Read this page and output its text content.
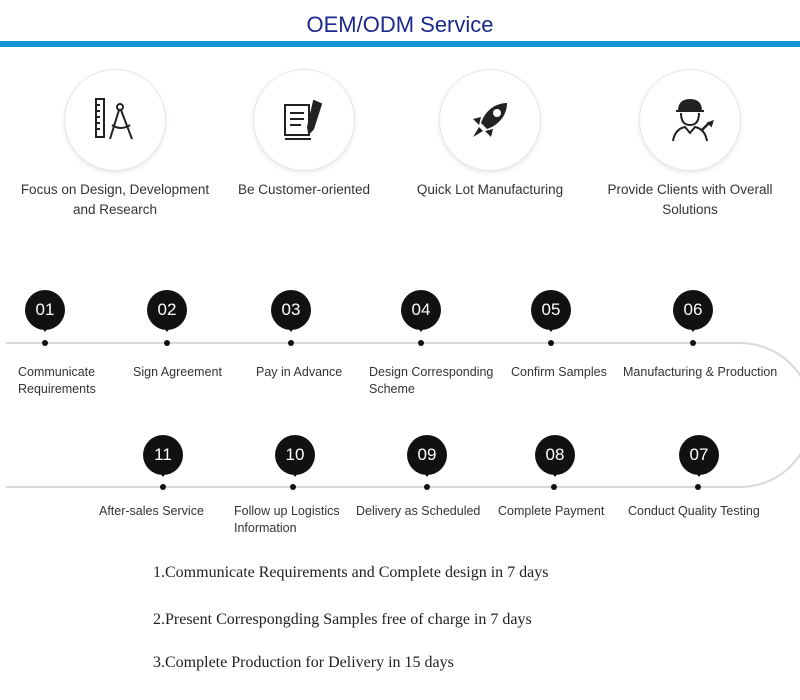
OEM/ODM Service
Focus on Design, Development and Research
Be Customer-oriented	Quick Lot Manufacturing	Provide Clients with Overall Solutions
01
Communicate Requirements
02
Sign Agreement
03
Pay in Advance
04
Design Corresponding Scheme
05
Confirm Samples
06
Manufacturing & Production
11
After-sales Service
10
Follow up Logistics Information
09
Delivery as Scheduled
08
Complete Payment
07
Conduct Quality Testing
1.Communicate Requirements and Complete design in 7 days
2.Present Correspongding Samples free of charge in 7 days
3.Complete Production for Delivery in 15 days
